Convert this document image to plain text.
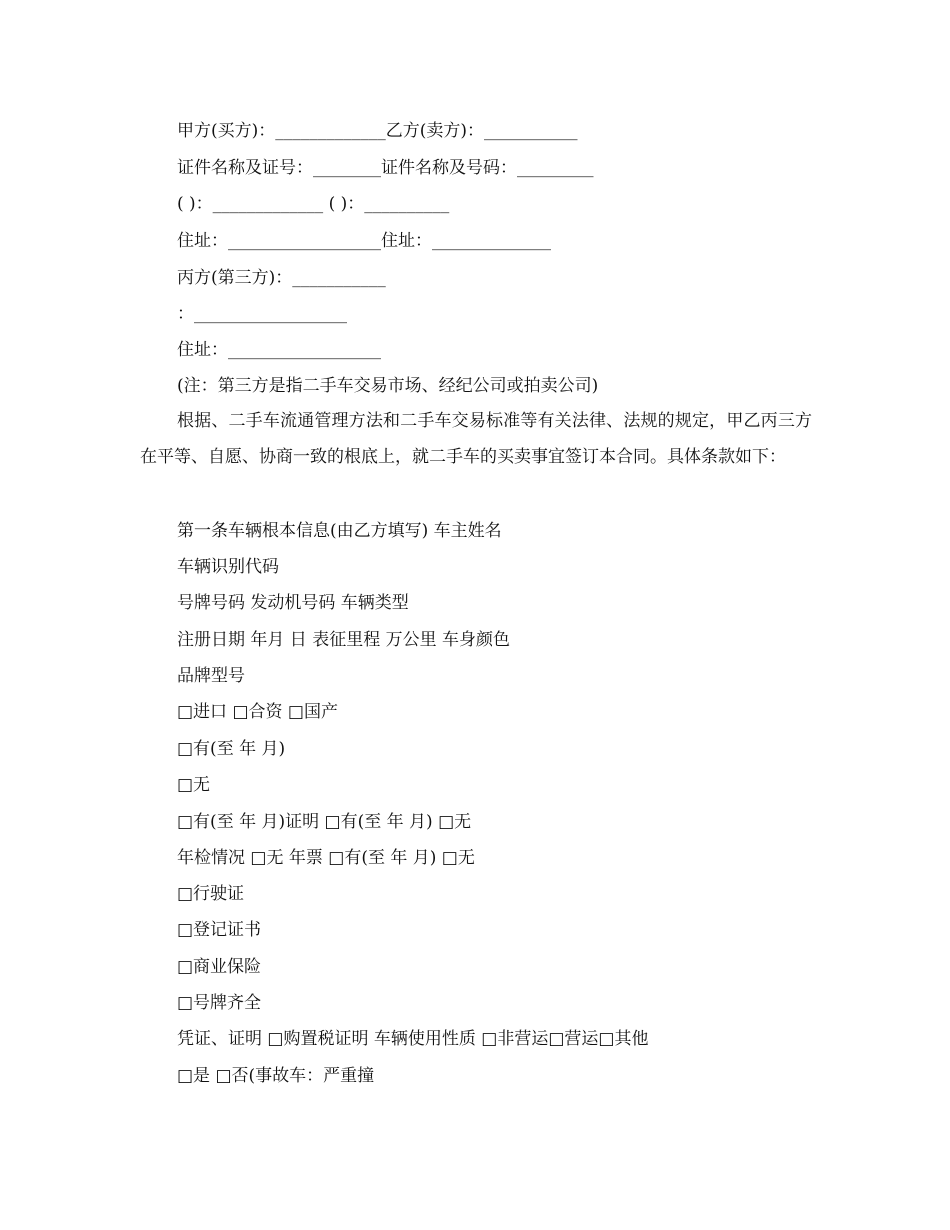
甲方(买方)：_____________乙方(卖方)：___________
证件名称及证号：________证件名称及号码：_________
( )：_____________ ( )：__________
住址：__________________住址：______________
丙方(第三方)：___________
：__________________
住址：__________________
(注：第三方是指二手车交易市场、经纪公司或拍卖公司)
根据、二手车流通管理方法和二手车交易标准等有关法律、法规的规定，甲乙丙三方在平等、自愿、协商一致的根底上，就二手车的买卖事宜签订本合同。具体条款如下：
第一条车辆根本信息(由乙方填写) 车主姓名
车辆识别代码
号牌号码 发动机号码 车辆类型
注册日期 年月 日 表征里程 万公里 车身颜色
品牌型号
□进口 □合资 □国产
□有(至 年 月)
□无
□有(至 年 月)证明 □有(至 年 月) □无
年检情况 □无 年票 □有(至 年 月) □无
□行驶证
□登记证书
□商业保险
□号牌齐全
凭证、证明 □购置税证明 车辆使用性质 □非营运□营运□其他
□是 □否(事故车：严重撞
